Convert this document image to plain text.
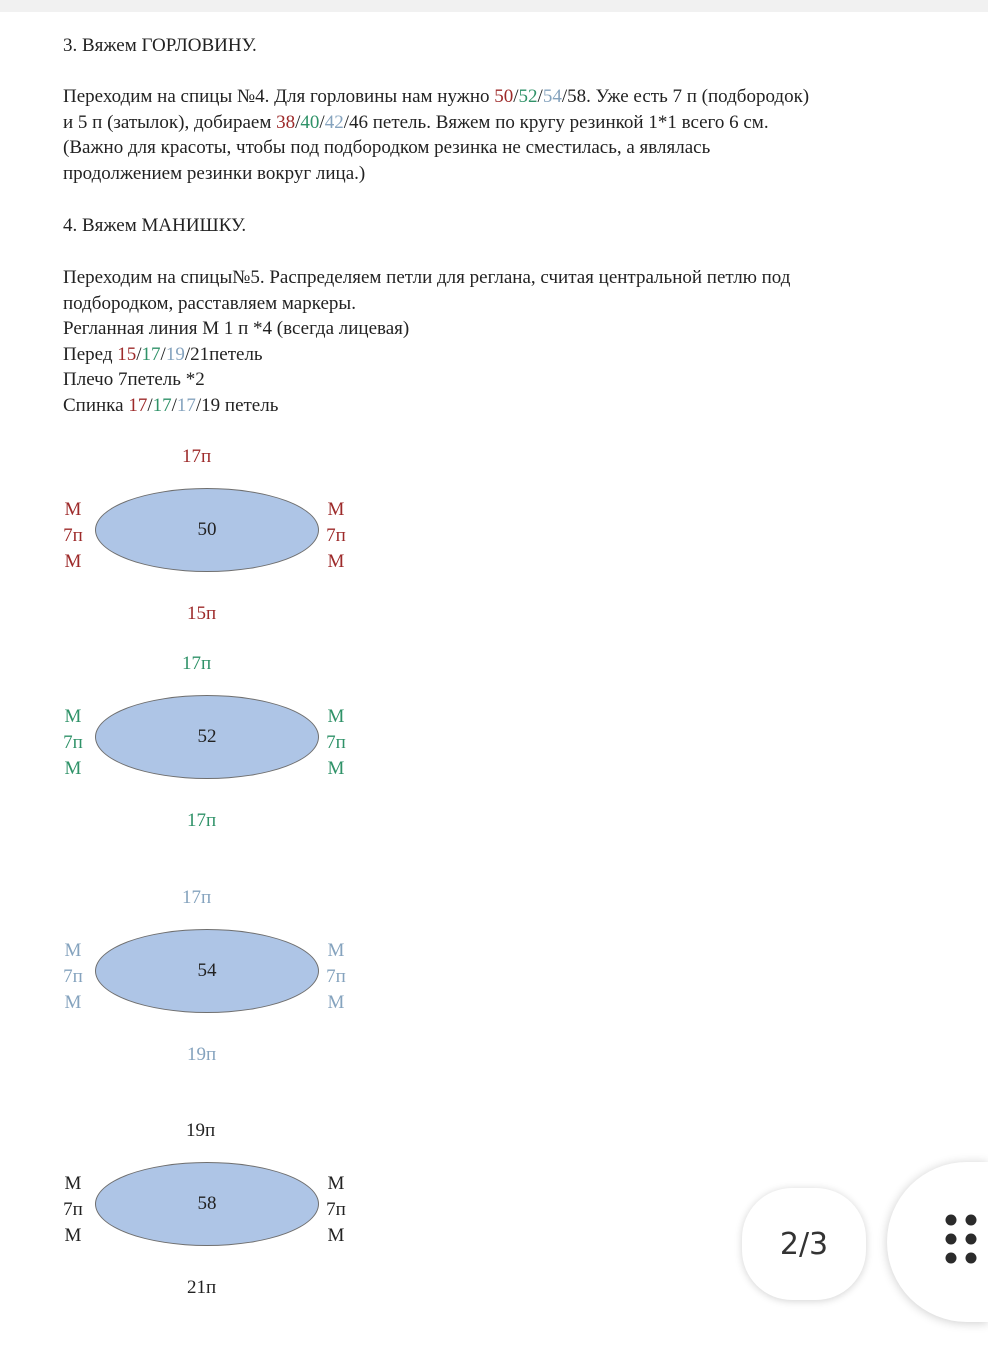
3. Вяжем ГОРЛОВИНУ.
Переходим на спицы №4. Для горловины нам нужно 50/52/54/58. Уже есть 7 п (подбородок)
и 5 п (затылок), добираем 38/40/42/46 петель. Вяжем по кругу резинкой 1*1 всего 6 см.
(Важно для красоты, чтобы под подбородком резинка не сместилась, а являлась
продолжением резинки вокруг лица.)
4. Вяжем МАНИШКУ.
Переходим на спицы№5. Распределяем петли для реглана, считая центральной петлю под
подбородком, расставляем маркеры.
Регланная линия М 1 п *4 (всегда лицевая)
Перед 15/17/19/21петель
Плечо 7петель *2
Спинка 17/17/17/19 петель
17п
50
М
7п
М
М
7п
М
15п
17п
52
М
7п
М
М
7п
М
17п
17п
54
М
7п
М
М
7п
М
19п
19п
58
М
7п
М
М
7п
М
21п
2/3
